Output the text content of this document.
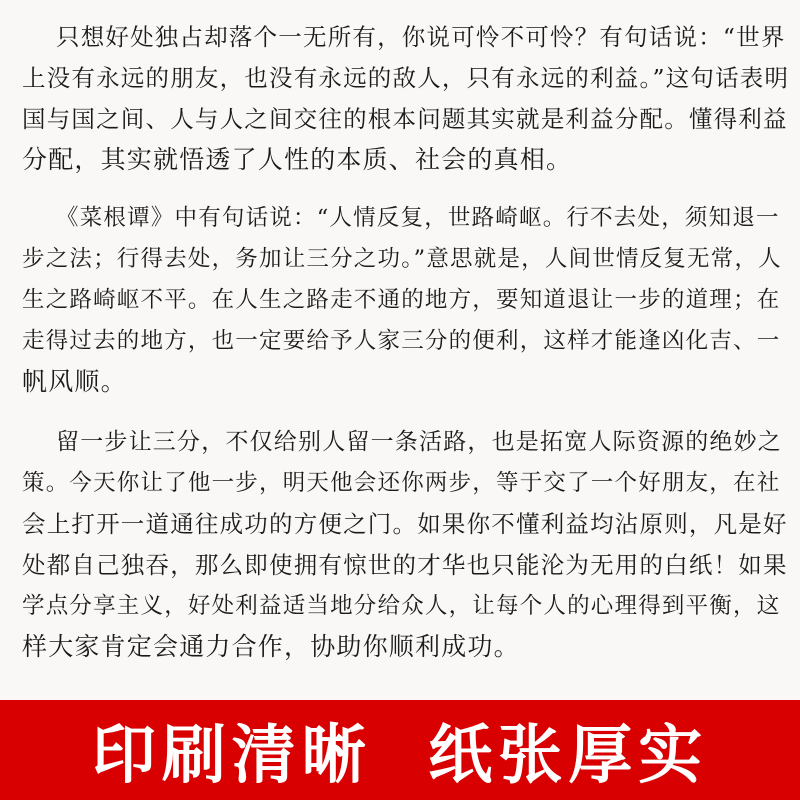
只想好处独占却落个一无所有，你说可怜不可怜？有句话说：“世界
上没有永远的朋友，也没有永远的敌人，只有永远的利益。”这句话表明
国与国之间、人与人之间交往的根本问题其实就是利益分配。懂得利益
分配，其实就悟透了人性的本质、社会的真相。
《菜根谭》中有句话说：“人情反复，世路崎岖。行不去处，须知退一
步之法；行得去处，务加让三分之功。”意思就是，人间世情反复无常，人
生之路崎岖不平。在人生之路走不通的地方，要知道退让一步的道理；在
走得过去的地方，也一定要给予人家三分的便利，这样才能逢凶化吉、一
帆风顺。
留一步让三分，不仅给别人留一条活路，也是拓宽人际资源的绝妙之
策。今天你让了他一步，明天他会还你两步，等于交了一个好朋友，在社
会上打开一道通往成功的方便之门。如果你不懂利益均沾原则，凡是好
处都自己独吞，那么即使拥有惊世的才华也只能沦为无用的白纸！如果
学点分享主义，好处利益适当地分给众人，让每个人的心理得到平衡，这
样大家肯定会通力合作，协助你顺利成功。
印刷清晰  纸张厚实
